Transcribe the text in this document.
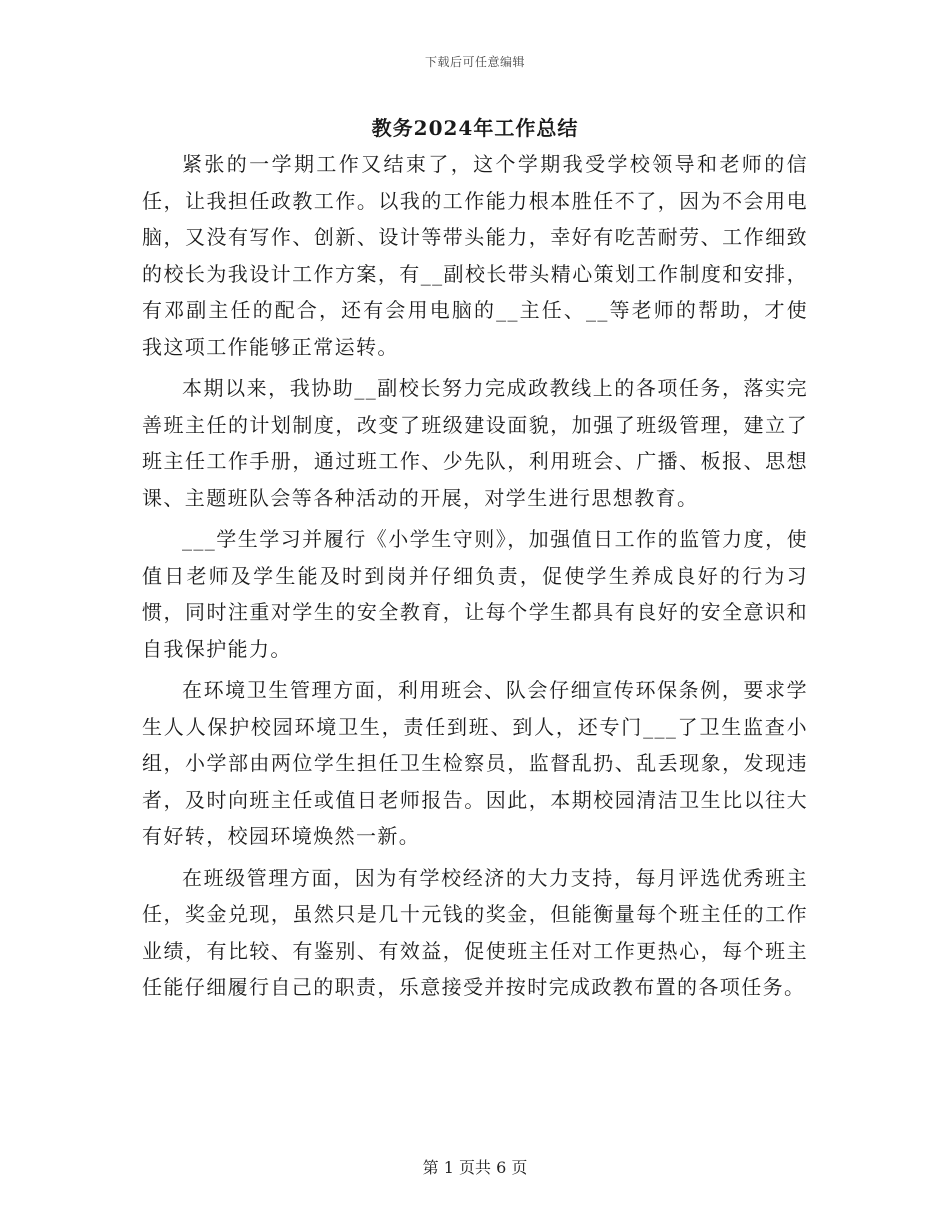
下载后可任意编辑
教务2024年工作总结

紧张的一学期工作又结束了，这个学期我受学校领导和老师的信任，让我担任政教工作。以我的工作能力根本胜任不了，因为不会用电脑，又没有写作、创新、设计等带头能力，幸好有吃苦耐劳、工作细致的校长为我设计工作方案，有__副校长带头精心策划工作制度和安排，有邓副主任的配合，还有会用电脑的__主任、__等老师的帮助，才使我这项工作能够正常运转。

本期以来，我协助__副校长努力完成政教线上的各项任务，落实完善班主任的计划制度，改变了班级建设面貌，加强了班级管理，建立了班主任工作手册，通过班工作、少先队，利用班会、广播、板报、思想课、主题班队会等各种活动的开展，对学生进行思想教育。

___学生学习并履行《小学生守则》，加强值日工作的监管力度，使值日老师及学生能及时到岗并仔细负责，促使学生养成良好的行为习惯，同时注重对学生的安全教育，让每个学生都具有良好的安全意识和自我保护能力。

在环境卫生管理方面，利用班会、队会仔细宣传环保条例，要求学生人人保护校园环境卫生，责任到班、到人，还专门___了卫生监查小组，小学部由两位学生担任卫生检察员，监督乱扔、乱丢现象，发现违者，及时向班主任或值日老师报告。因此，本期校园清洁卫生比以往大有好转，校园环境焕然一新。

在班级管理方面，因为有学校经济的大力支持，每月评选优秀班主任，奖金兑现，虽然只是几十元钱的奖金，但能衡量每个班主任的工作业绩，有比较、有鉴别、有效益，促使班主任对工作更热心，每个班主任能仔细履行自己的职责，乐意接受并按时完成政教布置的各项任务。

第 1 页共 6 页
